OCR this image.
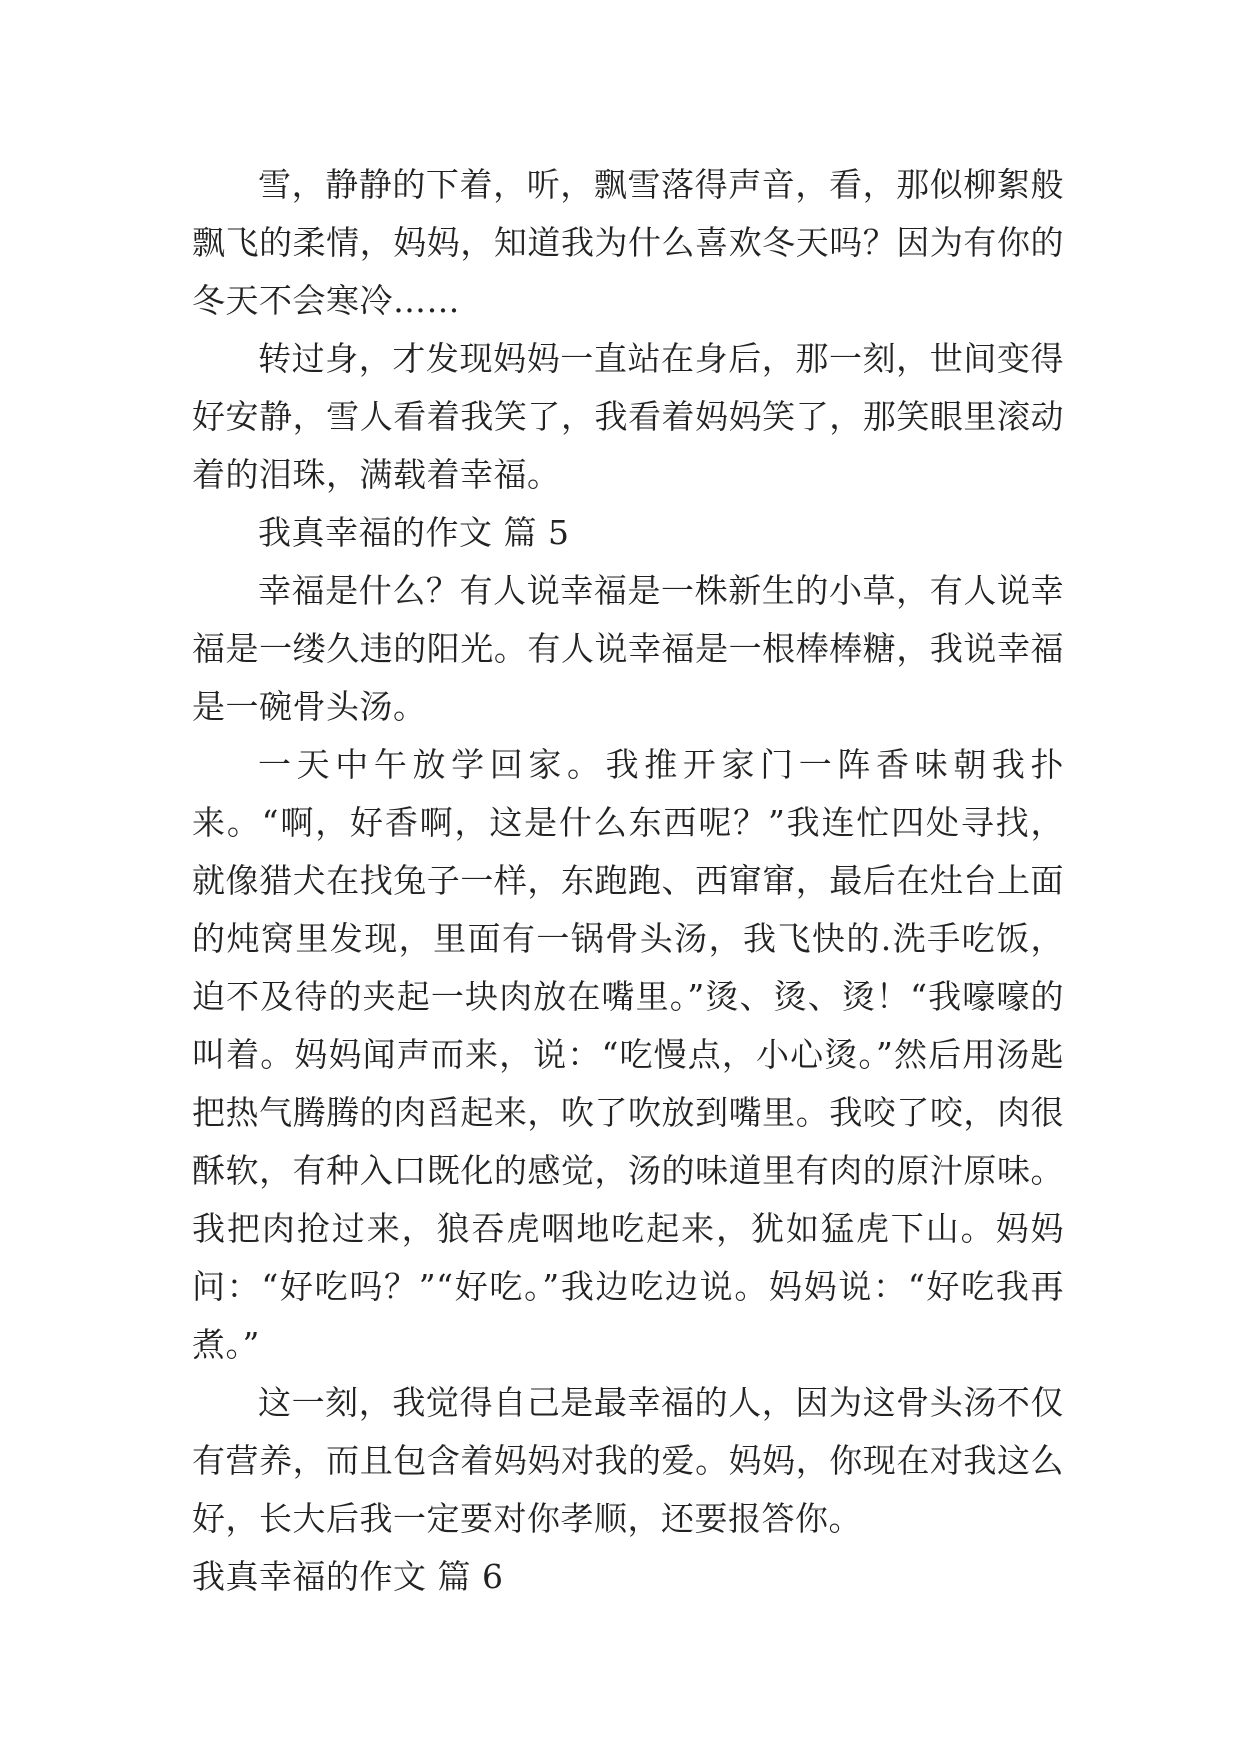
雪，静静的下着，听，飘雪落得声音，看，那似柳絮般飘飞的柔情，妈妈，知道我为什么喜欢冬天吗？因为有你的冬天不会寒冷……

转过身，才发现妈妈一直站在身后，那一刻，世间变得好安静，雪人看着我笑了，我看着妈妈笑了，那笑眼里滚动着的泪珠，满载着幸福。

我真幸福的作文 篇 5

幸福是什么？有人说幸福是一株新生的小草，有人说幸福是一缕久违的阳光。有人说幸福是一根棒棒糖，我说幸福是一碗骨头汤。

一天中午放学回家。我推开家门一阵香味朝我扑来。“啊，好香啊，这是什么东西呢？”我连忙四处寻找，就像猎犬在找兔子一样，东跑跑、西窜窜，最后在灶台上面的炖窝里发现，里面有一锅骨头汤，我飞快的.洗手吃饭，迫不及待的夹起一块肉放在嘴里。”烫、烫、烫！“我嚎嚎的叫着。妈妈闻声而来，说：“吃慢点，小心烫。”然后用汤匙把热气腾腾的肉舀起来，吹了吹放到嘴里。我咬了咬，肉很酥软，有种入口既化的感觉，汤的味道里有肉的原汁原味。我把肉抢过来，狼吞虎咽地吃起来，犹如猛虎下山。妈妈问：“好吃吗？”“好吃。”我边吃边说。妈妈说：“好吃我再煮。”

这一刻，我觉得自己是最幸福的人，因为这骨头汤不仅有营养，而且包含着妈妈对我的爱。妈妈，你现在对我这么好，长大后我一定要对你孝顺，还要报答你。

我真幸福的作文 篇 6
